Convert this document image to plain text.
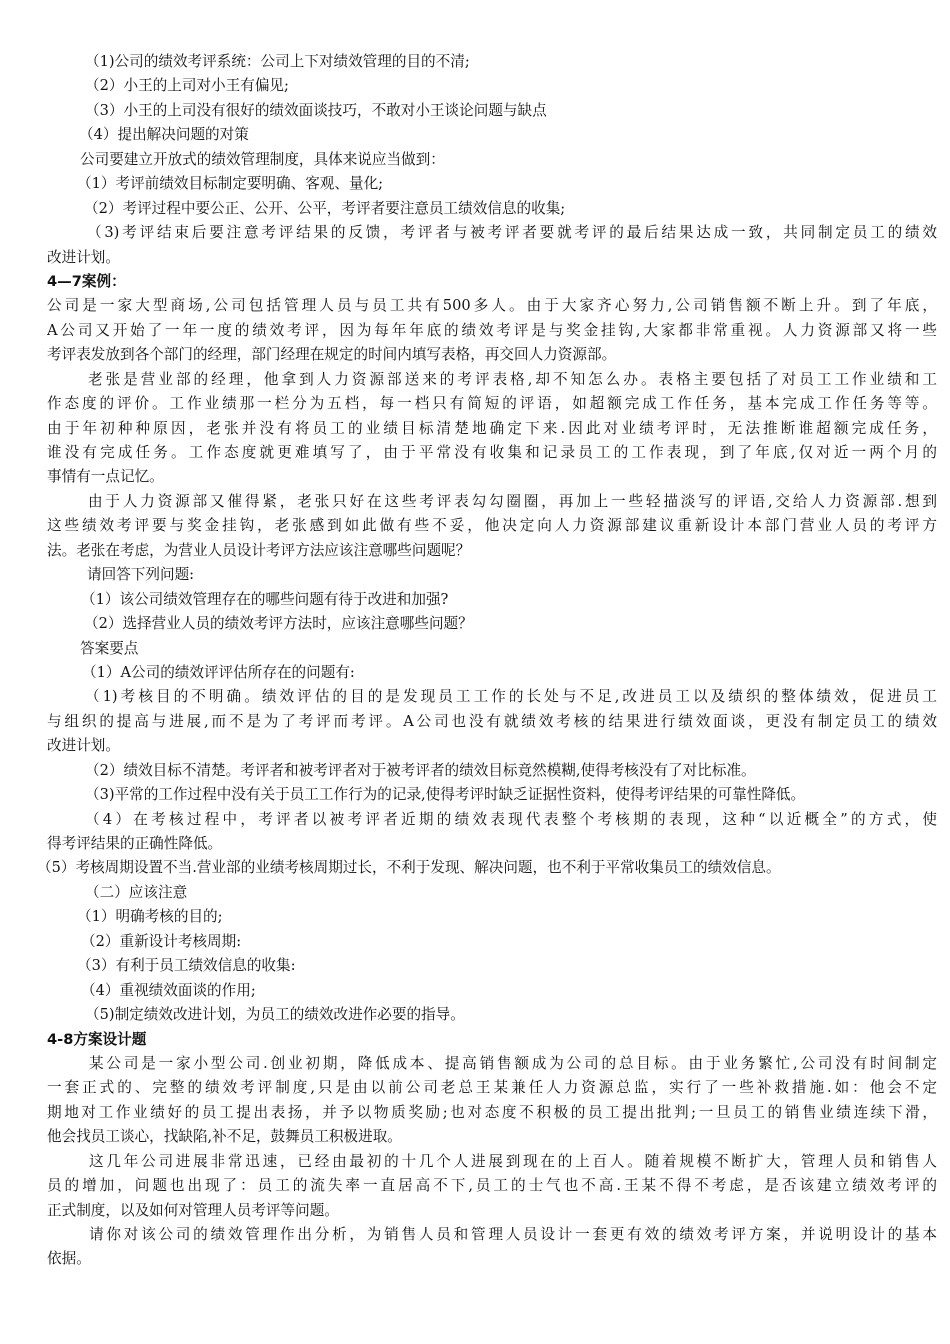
（1)公司的绩效考评系统：公司上下对绩效管理的目的不清;
（2）小王的上司对小王有偏见;
（3）小王的上司没有很好的绩效面谈技巧，不敢对小王谈论问题与缺点
（4）提出解决问题的对策
公司要建立开放式的绩效管理制度，具体来说应当做到：
（1）考评前绩效目标制定要明确、客观、量化;
（2）考评过程中要公正、公开、公平，考评者要注意员工绩效信息的收集;
（3)考评结束后要注意考评结果的反馈，考评者与被考评者要就考评的最后结果达成一致，共同制定员工的绩效
改进计划。
4—7案例：
公司是一家大型商场,公司包括管理人员与员工共有500多人。由于大家齐心努力,公司销售额不断上升。到了年底，
A公司又开始了一年一度的绩效考评，因为每年年底的绩效考评是与奖金挂钩,大家都非常重视。人力资源部又将一些
考评表发放到各个部门的经理，部门经理在规定的时间内填写表格，再交回人力资源部。
老张是营业部的经理，他拿到人力资源部送来的考评表格,却不知怎么办。表格主要包括了对员工工作业绩和工
作态度的评价。工作业绩那一栏分为五档，每一档只有简短的评语，如超额完成工作任务，基本完成工作任务等等。
由于年初种种原因，老张并没有将员工的业绩目标清楚地确定下来.因此对业绩考评时，无法推断谁超额完成任务，
谁没有完成任务。工作态度就更难填写了，由于平常没有收集和记录员工的工作表现，到了年底,仅对近一两个月的
事情有一点记忆。
由于人力资源部又催得紧，老张只好在这些考评表勾勾圈圈，再加上一些轻描淡写的评语,交给人力资源部.想到
这些绩效考评要与奖金挂钩，老张感到如此做有些不妥，他决定向人力资源部建议重新设计本部门营业人员的考评方
法。老张在考虑，为营业人员设计考评方法应该注意哪些问题呢？
请回答下列问题:
（1）该公司绩效管理存在的哪些问题有待于改进和加强?
（2）选择营业人员的绩效考评方法时，应该注意哪些问题？
答案要点
（1）A公司的绩效评评估所存在的问题有:
（1)考核目的不明确。绩效评估的目的是发现员工工作的长处与不足,改进员工以及绩织的整体绩效，促进员工
与组织的提高与进展,而不是为了考评而考评。A公司也没有就绩效考核的结果进行绩效面谈，更没有制定员工的绩效
改进计划。
（2）绩效目标不清楚。考评者和被考评者对于被考评者的绩效目标竟然模糊,使得考核没有了对比标准。
（3)平常的工作过程中没有关于员工工作行为的记录,使得考评时缺乏证据性资料，使得考评结果的可靠性降低。
（4）在考核过程中，考评者以被考评者近期的绩效表现代表整个考核期的表现，这种“以近概全”的方式，使
得考评结果的正确性降低。
（5）考核周期设置不当.营业部的业绩考核周期过长，不利于发现、解决问题，也不利于平常收集员工的绩效信息。
（二）应该注意
（1）明确考核的目的;
（2）重新设计考核周期:
（3）有利于员工绩效信息的收集:
（4）重视绩效面谈的作用;
（5)制定绩效改进计划，为员工的绩效改进作必要的指导。
4-8方案设计题
某公司是一家小型公司.创业初期，降低成本、提高销售额成为公司的总目标。由于业务繁忙,公司没有时间制定
一套正式的、完整的绩效考评制度,只是由以前公司老总王某兼任人力资源总监，实行了一些补救措施.如：他会不定
期地对工作业绩好的员工提出表扬，并予以物质奖励;也对态度不积极的员工提出批判;一旦员工的销售业绩连续下滑，
他会找员工谈心，找缺陷,补不足，鼓舞员工积极进取。
这几年公司进展非常迅速，已经由最初的十几个人进展到现在的上百人。随着规模不断扩大，管理人员和销售人
员的增加，问题也出现了：员工的流失率一直居高不下,员工的士气也不高.王某不得不考虑，是否该建立绩效考评的
正式制度，以及如何对管理人员考评等问题。
请你对该公司的绩效管理作出分析，为销售人员和管理人员设计一套更有效的绩效考评方案，并说明设计的基本
依据。
